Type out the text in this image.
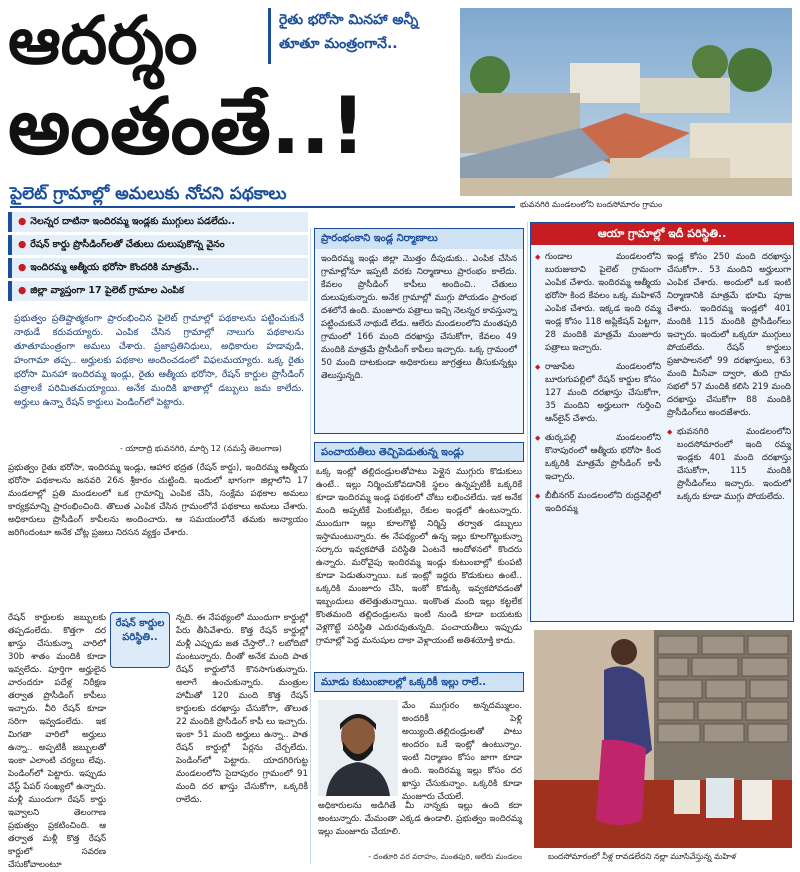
ఆదర్శం
అంతంతే..!
రైతు భరోసా మినహా అన్నీ
తూతూ మంత్రంగానే..
భువనగిరి మండలంలోని బందసోమారం గ్రామం
పైలెట్ గ్రామాల్లో అమలుకు నోచని పథకాలు
● నెలన్నర దాటినా ఇందిరమ్మ ఇండ్లకు ముగ్గులు పడలేదు..
● రేషన్ కార్డు ప్రొసీడింగ్‌లతో చేతులు దులుపుకొన్న వైనం
● ఇందిరమ్మ ఆత్మీయ భరోసా కొందరికి మాత్రమే..
● జిల్లా వ్యాప్తంగా 17 పైలెట్ గ్రామాల ఎంపిక
ప్రభుత్వం ప్రతిష్టాత్మకంగా ప్రారంభించిన పైలెట్ గ్రామాల్లో పథకాలను పట్టించుకునే నాథుడే కరువయ్యారు. ఎంపిక చేసిన గ్రామాల్లో నాలుగు పథకాలను తూతూమంత్రంగా అమలు చేశారు. ప్రజాప్రతినిధులు, అధికారుల హడావుడి, హంగామా తప్ప.. అర్హులకు పథకాల అందించడంలో విఫలమయ్యారు. ఒక్క రైతు భరోసా మినహా ఇందిరమ్మ ఇండ్లు, రైతు ఆత్మీయ భరోసా, రేషన్ కార్డుల ప్రొసీడింగ్ పత్రాలకే పరిమితమయ్యాయి. అనేక మందికి ఖాతాల్లో డబ్బులు జమ కాలేదు. అర్హులు ఉన్నా రేషన్ కార్డులు పెండింగ్‌లో పెట్టారు.
- యాదాద్రి భువనగిరి, మార్చి 12 (నమస్తే తెలంగాణ)
ప్రభుత్వం రైతు భరోసా, ఇందిరమ్మ ఇండ్లు, ఆహార భద్రత (రేషన్ కార్డు), ఇందిరమ్మ ఆత్మీయ భరోసా పథకాలను జనవరి 26న శ్రీకారం చుట్టింది. ఇందులో భాగంగా జిల్లాలోని 17 మండలాల్లో ప్రతి మండలంలో ఒక గ్రామాన్ని ఎంపిక చేసి, సంక్షేమ పథకాల అమలు కార్యక్రమాన్ని ప్రారంభించింది. తొలుత ఎంపిక చేసిన గ్రామంలోనే పథకాలు అమలు చేశారు. అధికారులు ప్రొసీడింగ్ కాపీలను అందించారు. ఆ సమయంలోనే తమకు అన్యాయం జరిగిందంటూ అనేక చోట్ల ప్రజలు నిరసన వ్యక్తం చేశారు.
రేషన్ కార్డుల పరిస్థితి..
రేషన్ కార్డులకు జబ్బులకు తప్పడంలేదు. కొత్తగా దర ఖాస్తు చేసుకున్నా వారిలో 30b శాతం మందికి కూడా ఇవ్వలేదు. పూర్తిగా అర్హులైన వారందరూ పదేళ్ల నిరీక్షణ తర్వాత ప్రొసీడింగ్ కాపీలు ఇచ్చారు. వీరి రేషన్ కూడా సరిగా ఇవ్వడంలేదు. ఇక మిగతా వారిలో అర్హులు ఉన్నా.. అప్పటికీ జబ్బులతో ఇంకా ఎలాంటి చర్యలు లేవు. పెండింగ్‌లో పెట్టారు. ఇప్పుడు వేస్ట్ పేపర్ సంఖ్యలో ఉన్నారు. మళ్లీ ముందుగా రేషన్ కార్డు ఇవ్వాలని తెలంగాణ ప్రభుత్వం ప్రకటించింది. ఆ తర్వాత మళ్లీ కొత్త రేషన్ కార్డులో సవరణ చేసుకోవాలంటూ
న్నది. ఈ నేపథ్యంలో ముందుగా కార్డుల్లో పేరు తీసివేశారు. కొత్త రేషన్ కార్డుల్లో మళ్లీ ఎప్పుడు జత చేస్తారో..? లబోదిబో మంటున్నారు. దీంతో అనేక మంది పాత రేషన్ కార్డులోనే కొనసాగుతున్నారు. అలాగే ఉంచుకున్నారు. మంత్రుల హామీతో 120 మంది కొత్త రేషన్ కార్డులకు దరఖాస్తు చేసుకోగా, తొలుత 22 మందికి ప్రొసీడింగ్ కాపీ లు ఇచ్చారు. ఇంకా 51 మంది అర్హులు ఉన్నా.. పాత రేషన్ కార్డుల్లో పేర్లను చేర్చలేదు. పెండింగ్‌లో పెట్టారు. యాదగిరిగుట్ట మండలంలోని సైదాపురం గ్రామంలో 91 మంది దర ఖాస్తు చేసుకోగా, ఒక్కరికీ రాలేదు.
ప్రారంభంకాని ఇండ్ల నిర్మాణాలు
ఇందిరమ్మ ఇండ్లు జిల్లా మొత్తం దీపుడుకు.. ఎంపిక చేసిన గ్రామాల్లోనూ ఇప్పటి వరకు నిర్మాణాలు ప్రారంభం కాలేదు. కేవలం ప్రొసీడింగ్ కాపీలు అందించి.. చేతులు దులుపుకున్నారు. అనేక గ్రామాల్లో ముగ్గు పోయడం ప్రారంభ దశలోనే ఉంది. మంజూరు పత్రాలు ఇచ్చి నెలన్నర కావస్తున్నా పట్టించుకునే నాథుడే లేడు. ఆలేరు మండలంలోని మంతపురి గ్రామంలో 166 మంది దరఖాస్తు చేసుకోగా, కేవలం 49 మందికి మాత్రమే ప్రొసీడింగ్ కాపీలు ఇచ్చారు. ఒక్క గ్రామంలో 50 మంది దాటకుండా అధికారులు జాగ్రత్తలు తీసుకున్నట్లు తెలుస్తున్నది.
పంచాయతీలు తెచ్చిపెడుతున్న ఇండ్లు
ఒక్క ఇంట్లో తల్లిదండ్రులతోపాటు పెళ్లైన ముగ్గురు కొడుకులు ఉంటే.. ఇల్లు నిర్మించుకోవడానికి స్థలం ఉన్నప్పటికీ ఒక్కరికే కూడా ఇందిరమ్మ ఇండ్ల పథకంలో చోటు లభించలేదు. ఇక అనేక మంది అప్పటికే పెంకుటిల్లు, రేకుల ఇండ్లలో ఉంటున్నారు. ముందుగా ఇల్లు కూలగొట్టి నిర్మిస్తే తర్వాత డబ్బులు ఇస్తామంటున్నారు. ఈ నేపథ్యంలో ఉన్న ఇల్లు కూలగొట్టుకున్నా సర్కారు ఇవ్వకపోతే పరిస్థితి ఏంటనే ఆందోళనలో కొందరు ఉన్నారు. మరోవైపు ఇందిరమ్మ ఇండ్లు కుటుంబాల్లో కుంపటి కూడా పెడుతున్నాయి. ఒక ఇంట్లో ఇద్దరు కొడుకులు ఉంటే.. ఒక్కరికి మంజూరు చేసి, ఇంకో కొడుక్కి ఇవ్వకపోవడంతో ఇబ్బందులు తలెత్తుతున్నాయి. ఇంకొంత మంది ఇల్లు కట్టలేక కొంతమంది తల్లిదండ్రులను ఇంటి నుండి కూడా బయటకు వెళ్లగొట్టే పరిస్థితి ఎదురవుతున్నది. పంచాయతీలు ఇప్పుడు గ్రామాల్లో పెద్ద మనుషుల దాకా వెళ్లాయంటే అతిశయోక్తి కాదు.
మూడు కుటుంబాలల్లో ఒక్కరికీ ఇల్లు రాలే..
మేం ముగ్గురం అన్నదమ్ములం. అందరికీ పెళ్లి అయ్యింది.తల్లిదండ్రులతో పాటు అందరం ఒకే ఇంట్లో ఉంటున్నాం. ఇంటి నిర్మాణం కోసం జాగా కూడా ఉంది. ఇందిరమ్మ ఇల్లు కోసం దర ఖాస్తు చేసుకున్నాం. ఒక్కరికి కూడా మంజూరు చేయలే.
అధికారులను అడిగితే మీ నాన్నకు ఇల్లు ఉంది కదా అంటున్నారు. మేమంతా ఎక్కడ ఉండాలి. ప్రభుత్వం ఇందిరమ్మ ఇల్లు మంజూరు చేయాలి.
- దంతూరి వర వరాహం, మంతపురి, ఆలేరు మండలం
ఆయా గ్రామాల్లో ఇదీ పరిస్థితి..
◆ గుండాల మండలంలోని బురుజుబావి పైలెట్ గ్రామంగా ఎంపిక చేశారు. ఇందిరమ్మ ఆత్మీయ భరోసా కింద కేవలం ఒక్క మహిళనే ఎంపిక చేశారు. ఇక్కడ ఇంది రమ్మ ఇండ్ల కోసం 118 అప్లికేషన్ పెట్టగా, 28 మందికి మాత్రమే మంజూరు పత్రాలు ఇచ్చారు.
◆ రాజాపేట మండలంలోని బూరుగుపల్లిలో రేషన్ కార్డుల కోసం 127 మంది దరఖాస్తు చేసుకోగా, 35 మందిని అర్హులుగా గుర్తించి ఆన్‌లైన్ చేశారు.
◆ తుర్కపల్లి మండలంలోని కొనాపురంలో ఆత్మీయ భరోసా కింద ఒక్కరికి మాత్రమే ప్రొసీడింగ్ కాపీ ఇచ్చారు.
◆ బీబీనగర్ మండలంలోని రుద్రవెల్లిలో ఇందిరమ్మ
ఇండ్ల కోసం 250 మంది దరఖాస్తు చేసుకోగా.. 53 మందిని అర్హులుగా ఎంపిక చేశారు. అందులో ఒక ఇంటి నిర్మాణానికి మాత్రమే భూమి పూజ చేశారు. ఇందిరమ్మ ఇండ్లలో 401 మందికి 115 మందికి ప్రొసీడింగ్‌లు ఇచ్చారు. ఇందులో ఒక్కరూ ముగ్గులు పోయలేదు. రేషన్ కార్డులు ప్రజాపాలనలో 99 దరఖాస్తులు, 63 మంది మీసేవా ద్వారా, తుది గ్రామ సభలో 57 మందికి కలిసి 219 మంది దరఖాస్తు చేసుకోగా 88 మందికి ప్రొసీడింగ్‌లు అందజేశారు.
◆ భువనగిరి మండలంలోని బందసోమారంలో ఇంది రమ్మ ఇండ్లకు 401 మంది దరఖాస్తు చేసుకోగా, 115 మందికి ప్రొసీడింగ్‌లు ఇచ్చారు. ఇందులో ఒక్కరు కూడా ముగ్గు పోయలేదు.
బందసోమారంలో నీళ్ల రావడలేదని నల్లా మూసివేస్తున్న మహిళ
